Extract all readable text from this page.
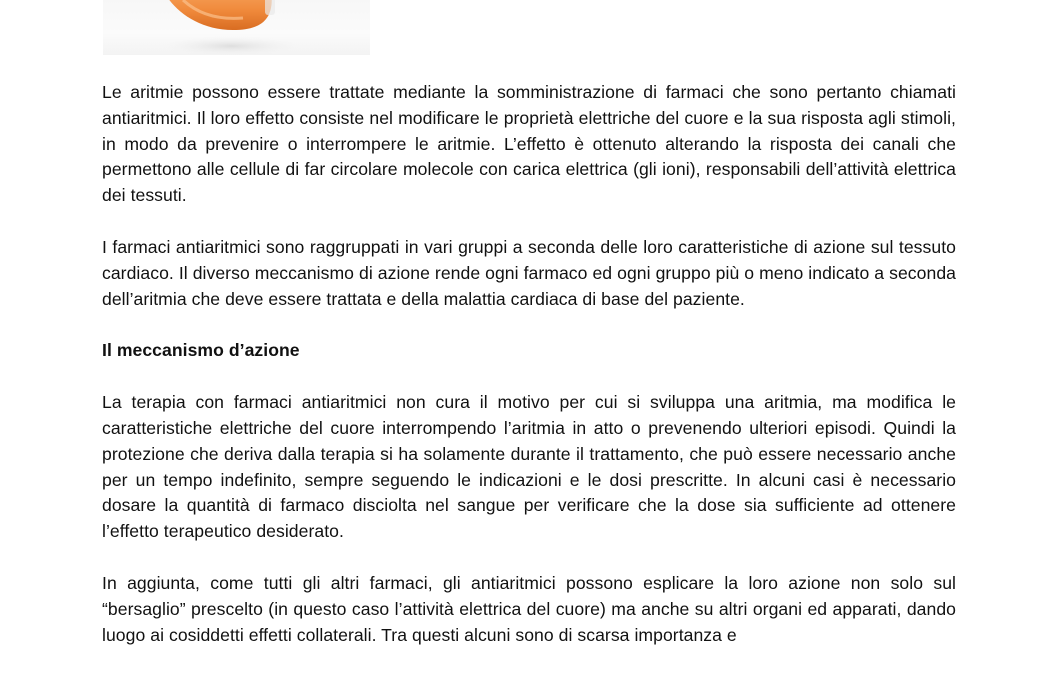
Le aritmie possono essere trattate mediante la somministrazione di farmaci che sono pertanto chiamati antiaritmici. Il loro effetto consiste nel modificare le proprietà elettriche del cuore e la sua risposta agli stimoli, in modo da prevenire o interrompere le aritmie. L’effetto è ottenuto alterando la risposta dei canali che permettono alle cellule di far circolare molecole con carica elettrica (gli ioni), responsabili dell’attività elettrica dei tessuti.

I farmaci antiaritmici sono raggruppati in vari gruppi a seconda delle loro caratteristiche di azione sul tessuto cardiaco. Il diverso meccanismo di azione rende ogni farmaco ed ogni gruppo più o meno indicato a seconda dell’aritmia che deve essere trattata e della malattia cardiaca di base del paziente.

Il meccanismo d’azione

La terapia con farmaci antiaritmici non cura il motivo per cui si sviluppa una aritmia, ma modifica le caratteristiche elettriche del cuore interrompendo l’aritmia in atto o prevenendo ulteriori episodi. Quindi la protezione che deriva dalla terapia si ha solamente durante il trattamento, che può essere necessario anche per un tempo indefinito, sempre seguendo le indicazioni e le dosi prescritte. In alcuni casi è necessario dosare la quantità di farmaco disciolta nel sangue per verificare che la dose sia sufficiente ad ottenere l’effetto terapeutico desiderato.

In aggiunta, come tutti gli altri farmaci, gli antiaritmici possono esplicare la loro azione non solo sul “bersaglio” prescelto (in questo caso l’attività elettrica del cuore) ma anche su altri organi ed apparati, dando luogo ai cosiddetti effetti collaterali. Tra questi alcuni sono di scarsa importanza e
